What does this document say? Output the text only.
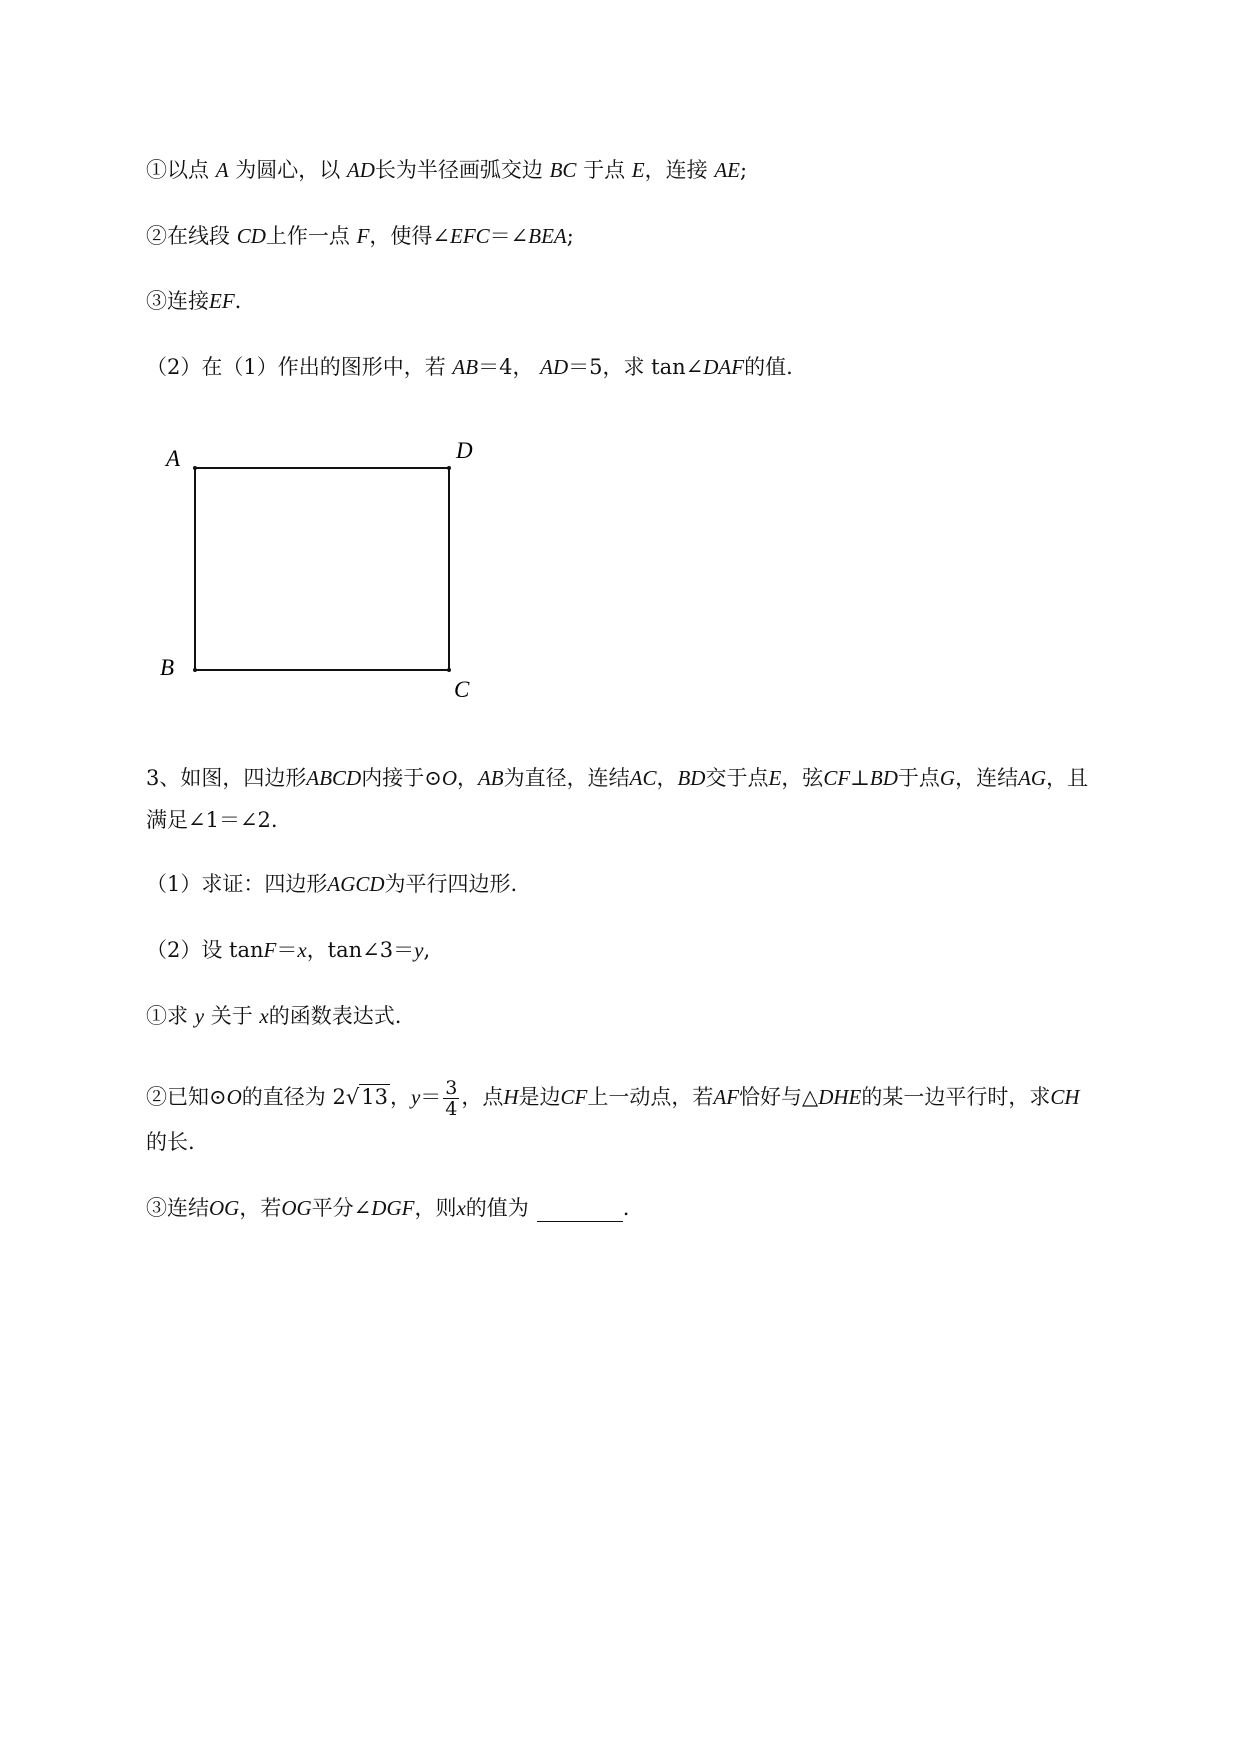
①以点 A 为圆心，以 AD长为半径画弧交边 BC 于点 E，连接 AE;
②在线段 CD上作一点 F，使得∠EFC＝∠BEA;
③连接EF.
（2）在（1）作出的图形中，若 AB＝4， AD＝5，求 tan∠DAF的值.
A	D
B
C
3、如图，四边形ABCD内接于⊙O，AB为直径，连结AC，BD交于点E，弦CF⊥BD于点G，连结AG，且
满足∠1＝∠2.
（1）求证：四边形AGCD为平行四边形.
（2）设 tanF＝x，tan∠3＝y,
①求 y 关于 x的函数表达式.
②已知⊙O的直径为 2√13，$y= \frac{3}{4}$ ，点H是边CF上一动点，若AF恰好与△DHE的某一边平行时，求CH
的长.
③连结OG，若OG平分∠DGF，则x的值为	.
